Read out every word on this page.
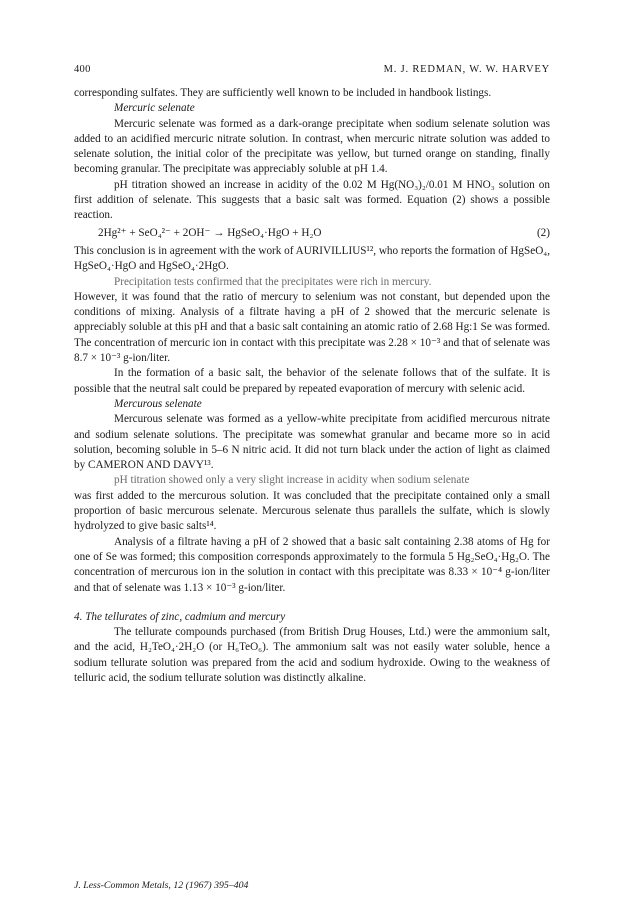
400	M. J. REDMAN, W. W. HARVEY

corresponding sulfates. They are sufficiently well known to be included in handbook listings.

Mercuric selenate

Mercuric selenate was formed as a dark-orange precipitate when sodium selenate solution was added to an acidified mercuric nitrate solution. In contrast, when mercuric nitrate solution was added to selenate solution, the initial color of the precipitate was yellow, but turned orange on standing, finally becoming granular. The precipitate was appreciably soluble at pH 1.4.

pH titration showed an increase in acidity of the 0.02 M Hg(NO₃)₂/0.01 M HNO₃ solution on first addition of selenate. This suggests that a basic salt was formed. Equation (2) shows a possible reaction.

2Hg²⁺ + SeO₄²⁻ + 2OH⁻ → HgSeO₄·HgO + H₂O	(2)

This conclusion is in agreement with the work of AURIVILLIUS¹², who reports the formation of HgSeO₄, HgSeO₄·HgO and HgSeO₄·2HgO.

Precipitation tests confirmed that the precipitates were rich in mercury.

However, it was found that the ratio of mercury to selenium was not constant, but depended upon the conditions of mixing. Analysis of a filtrate having a pH of 2 showed that the mercuric selenate is appreciably soluble at this pH and that a basic salt containing an atomic ratio of 2.68 Hg:1 Se was formed. The concentration of mercuric ion in contact with this precipitate was 2.28 × 10⁻³ and that of selenate was 8.7 × 10⁻³ g-ion/liter.

In the formation of a basic salt, the behavior of the selenate follows that of the sulfate. It is possible that the neutral salt could be prepared by repeated evaporation of mercury with selenic acid.

Mercurous selenate

Mercurous selenate was formed as a yellow-white precipitate from acidified mercurous nitrate and sodium selenate solutions. The precipitate was somewhat granular and became more so in acid solution, becoming soluble in 5–6 N nitric acid. It did not turn black under the action of light as claimed by CAMERON AND DAVY¹³.

pH titration showed only a very slight increase in acidity when sodium selenate

was first added to the mercurous solution. It was concluded that the precipitate contained only a small proportion of basic mercurous selenate. Mercurous selenate thus parallels the sulfate, which is slowly hydrolyzed to give basic salts¹⁴.

Analysis of a filtrate having a pH of 2 showed that a basic salt containing 2.38 atoms of Hg for one of Se was formed; this composition corresponds approximately to the formula 5 Hg₂SeO₄·Hg₂O. The concentration of mercurous ion in the solution in contact with this precipitate was 8.33 × 10⁻⁴ g-ion/liter and that of selenate was 1.13 × 10⁻³ g-ion/liter.

4. The tellurates of zinc, cadmium and mercury

The tellurate compounds purchased (from British Drug Houses, Ltd.) were the ammonium salt, and the acid, H₂TeO₄·2H₂O (or H₆TeO₆). The ammonium salt was not easily water soluble, hence a sodium tellurate solution was prepared from the acid and sodium hydroxide. Owing to the weakness of telluric acid, the sodium tellurate solution was distinctly alkaline.

J. Less-Common Metals, 12 (1967) 395–404
